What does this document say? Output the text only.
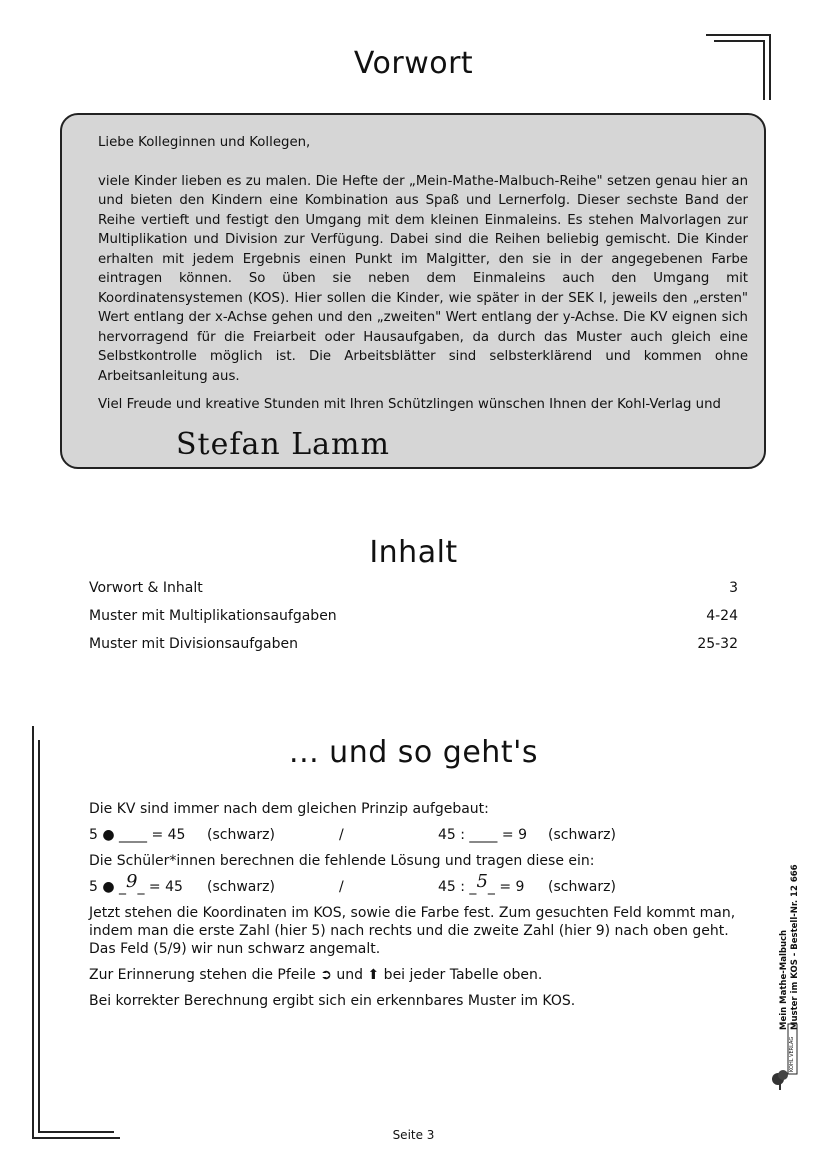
Vorwort

Liebe Kolleginnen und Kollegen,

viele Kinder lieben es zu malen. Die Hefte der „Mein-Mathe-Malbuch-Reihe" setzen genau hier an und bieten den Kindern eine Kombination aus Spaß und Lernerfolg. Dieser sechste Band der Reihe vertieft und festigt den Umgang mit dem kleinen Einmaleins. Es stehen Malvorlagen zur Multiplikation und Division zur Verfügung. Dabei sind die Reihen beliebig gemischt. Die Kinder erhalten mit jedem Ergebnis einen Punkt im Malgitter, den sie in der angegebenen Farbe eintragen können. So üben sie neben dem Einmaleins auch den Umgang mit Koordinatensystemen (KOS). Hier sollen die Kinder, wie später in der SEK I, jeweils den „ersten" Wert entlang der x-Achse gehen und den „zweiten" Wert entlang der y-Achse. Die KV eignen sich hervorragend für die Freiarbeit oder Hausaufgaben, da durch das Muster auch gleich eine Selbstkontrolle möglich ist. Die Arbeitsblätter sind selbsterklärend und kommen ohne Arbeitsanleitung aus.

Viel Freude und kreative Stunden mit Ihren Schützlingen wünschen Ihnen der Kohl-Verlag und

Stefan Lamm
Inhalt
Vorwort & Inhalt	3
Muster mit Multiplikationsaufgaben	4-24
Muster mit Divisionsaufgaben	25-32
... und so geht's

Die KV sind immer nach dem gleichen Prinzip aufgebaut:

5 ● ____ = 45	(schwarz)	/	45 : ____ = 9	(schwarz)

Die Schüler*innen berechnen die fehlende Lösung und tragen diese ein:

5 ● _ 9 _ = 45 (schwarz)	/	45 : _ 5 _ = 9 (schwarz)

Jetzt stehen die Koordinaten im KOS, sowie die Farbe fest. Zum gesuchten Feld kommt man, indem man die erste Zahl (hier 5) nach rechts und die zweite Zahl (hier 9) nach oben geht. Das Feld (5/9) wir nun schwarz angemalt.

Zur Erinnerung stehen die Pfeile ➲ und ⬆ bei jeder Tabelle oben.

Bei korrekter Berechnung ergibt sich ein erkennbares Muster im KOS.	Mein Mathe-Malbuch Muster im KOS - Bestell-Nr. 12 666
KOHL VERLAG
Seite 3
